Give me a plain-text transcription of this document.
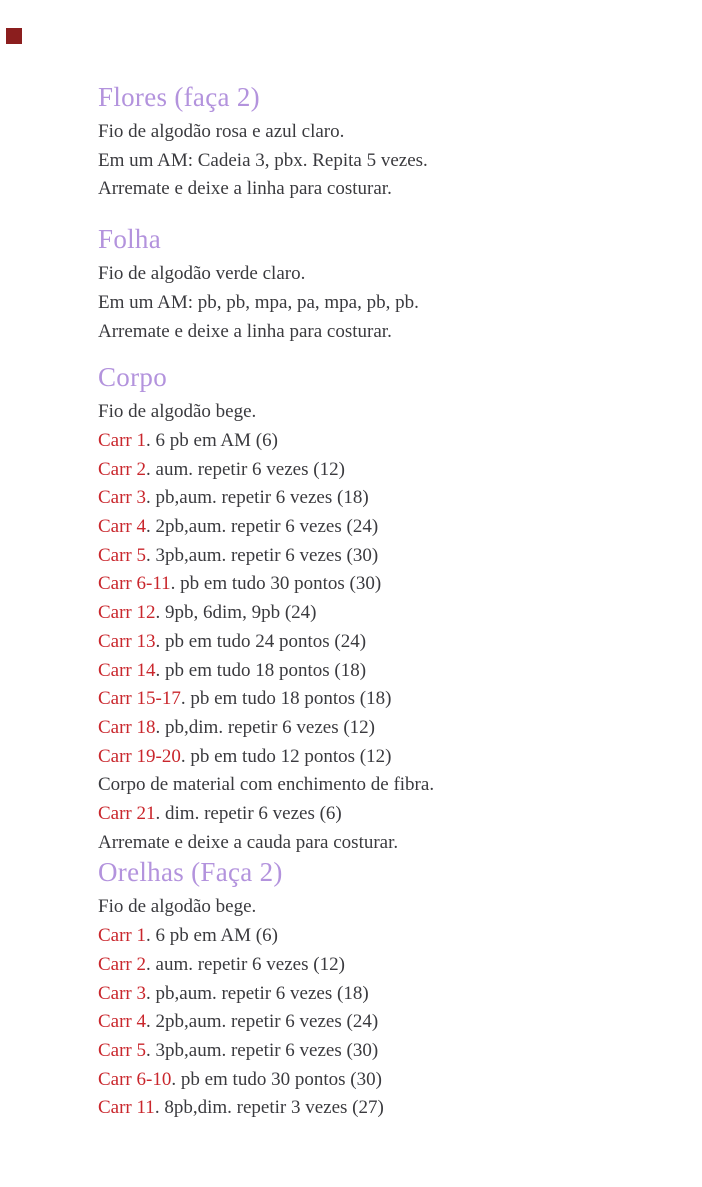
Flores (faça 2)

Fio de algodão rosa e azul claro.

Em um AM: Cadeia 3, pbx. Repita 5 vezes.

Arremate e deixe a linha para costurar.

Folha

Fio de algodão verde claro.

Em um AM: pb, pb, mpa, pa, mpa, pb, pb.

Arremate e deixe a linha para costurar.

Corpo

Fio de algodão bege.

Carr 1. 6 pb em AM (6)

Carr 2. aum. repetir 6 vezes (12)

Carr 3. pb,aum. repetir 6 vezes (18)

Carr 4. 2pb,aum. repetir 6 vezes (24)

Carr 5. 3pb,aum. repetir 6 vezes (30)

Carr 6-11. pb em tudo 30 pontos (30)

Carr 12. 9pb, 6dim, 9pb (24)

Carr 13. pb em tudo 24 pontos (24)

Carr 14. pb em tudo 18 pontos (18)

Carr 15-17. pb em tudo 18 pontos (18)

Carr 18. pb,dim. repetir 6 vezes (12)

Carr 19-20. pb em tudo 12 pontos (12)

Corpo de material com enchimento de fibra.

Carr 21. dim. repetir 6 vezes (6)

Arremate e deixe a cauda para costurar.

Orelhas (Faça 2)

Fio de algodão bege.

Carr 1. 6 pb em AM (6)

Carr 2. aum. repetir 6 vezes (12)

Carr 3. pb,aum. repetir 6 vezes (18)

Carr 4. 2pb,aum. repetir 6 vezes (24)

Carr 5. 3pb,aum. repetir 6 vezes (30)

Carr 6-10. pb em tudo 30 pontos (30)

Carr 11. 8pb,dim. repetir 3 vezes (27)
